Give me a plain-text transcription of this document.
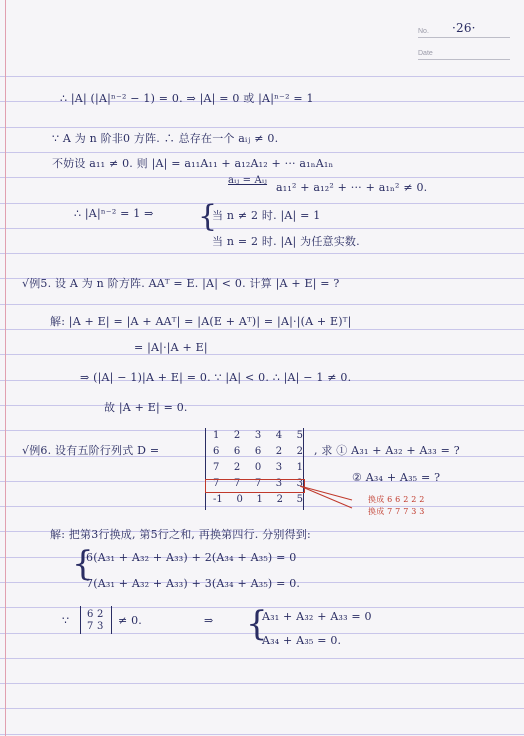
No. ·26·
Date
∴ |A| (|A|ⁿ⁻² − 1) = 0. ⇒ |A| = 0 或 |A|ⁿ⁻² = 1
∵ A 为 n 阶非0 方阵. ∴ 总存在一个 aᵢⱼ ≠ 0.
不妨设 a₁₁ ≠ 0. 则 |A| = a₁₁A₁₁ + a₁₂A₁₂ + ··· a₁ₙA₁ₙ
aᵢⱼ = Aᵢⱼ
a₁₁² + a₁₂² + ··· + a₁ₙ² ≠ 0.
∴ |A|ⁿ⁻² = 1 ⇒ {
当 n ≠ 2 时. |A| = 1
当 n = 2 时. |A| 为任意实数.
√例5. 设 A 为 n 阶方阵. AAᵀ = E. |A| < 0. 计算 |A + E| = ?
解: |A + E| = |A + AAᵀ| = |A(E + Aᵀ)| = |A|·|(A + E)ᵀ|
= |A|·|A + E|
⇒ (|A| − 1)|A + E| = 0. ∵ |A| < 0. ∴ |A| − 1 ≠ 0.
故 |A + E| = 0.
√例6. 设有五阶行列式 D =
1 2 3 4 5
6 6 6 2 2
7 2 0 3 1
7 7 7 3 3
-1 0 1 2 5
, 求 ① A₃₁ + A₃₂ + A₃₃ = ?
② A₃₄ + A₃₅ = ?
换成 6 6 2 2 2
换成 7 7 7 3 3
解: 把第3行换成, 第5行之和, 再换第四行. 分别得到:
{
6(A₃₁ + A₃₂ + A₃₃) + 2(A₃₄ + A₃₅) = 0
7(A₃₁ + A₃₂ + A₃₃) + 3(A₃₄ + A₃₅) = 0.
∵ 6 2
7 3 ≠ 0.	⇒ {
A₃₁ + A₃₂ + A₃₃ = 0
A₃₄ + A₃₅ = 0.
